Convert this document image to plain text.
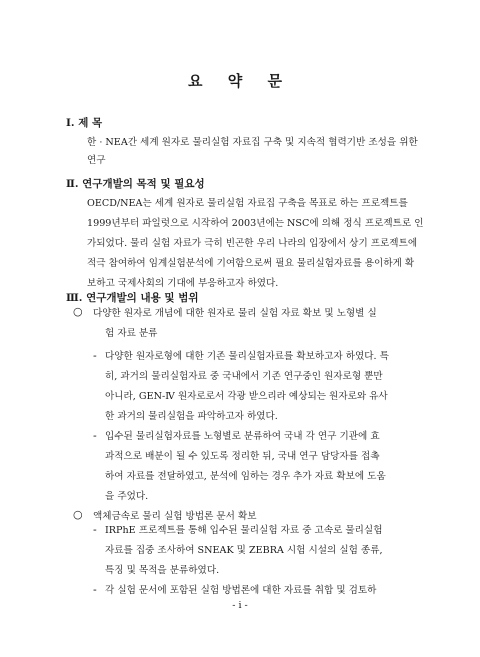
요 약 문
Ⅰ. 제 목
한 · NEA간 세계 원자로 물리실험 자료집 구축 및 지속적 협력기반 조성을 위한
연구
Ⅱ. 연구개발의 목적 및 필요성
OECD/NEA는 세계 원자로 물리실험 자료집 구축을 목표로 하는 프로젝트를
1999년부터 파일럿으로 시작하여 2003년에는 NSC에 의해 정식 프로젝트로 인
가되었다. 물리 실험 자료가 극히 빈곤한 우리 나라의 입장에서 상기 프로젝트에
적극 참여하여 임계실험분석에 기여함으로써 필요 물리실험자료를 용이하게 확
보하고 국제사회의 기대에 부응하고자 하였다.
Ⅲ. 연구개발의 내용 및 범위
○ 다양한 원자로 개념에 대한 원자로 물리 실험 자료 확보 및 노형별 실
험 자료 분류
- 다양한 원자로형에 대한 기존 물리실험자료를 확보하고자 하였다. 특
히, 과거의 물리실험자료 중 국내에서 기존 연구중인 원자로형 뿐만
아니라, GEN-Ⅳ 원자로로서 각광 받으리라 예상되는 원자로와 유사
한 과거의 물리실험을 파악하고자 하였다.
- 입수된 물리실험자료를 노형별로 분류하여 국내 각 연구 기관에 효
과적으로 배분이 될 수 있도록 정리한 뒤, 국내 연구 담당자를 접촉
하여 자료를 전달하였고, 분석에 임하는 경우 추가 자료 확보에 도움
을 주었다.
○ 액체금속로 물리 실험 방법론 문서 확보
- IRPhE 프로젝트를 통해 입수된 물리실험 자료 중 고속로 물리실험
자료를 집중 조사하여 SNEAK 및 ZEBRA 시험 시설의 실험 종류,
특징 및 목적을 분류하였다.
- 각 실험 문서에 포함된 실험 방법론에 대한 자료를 취합 및 검토하
- i -
